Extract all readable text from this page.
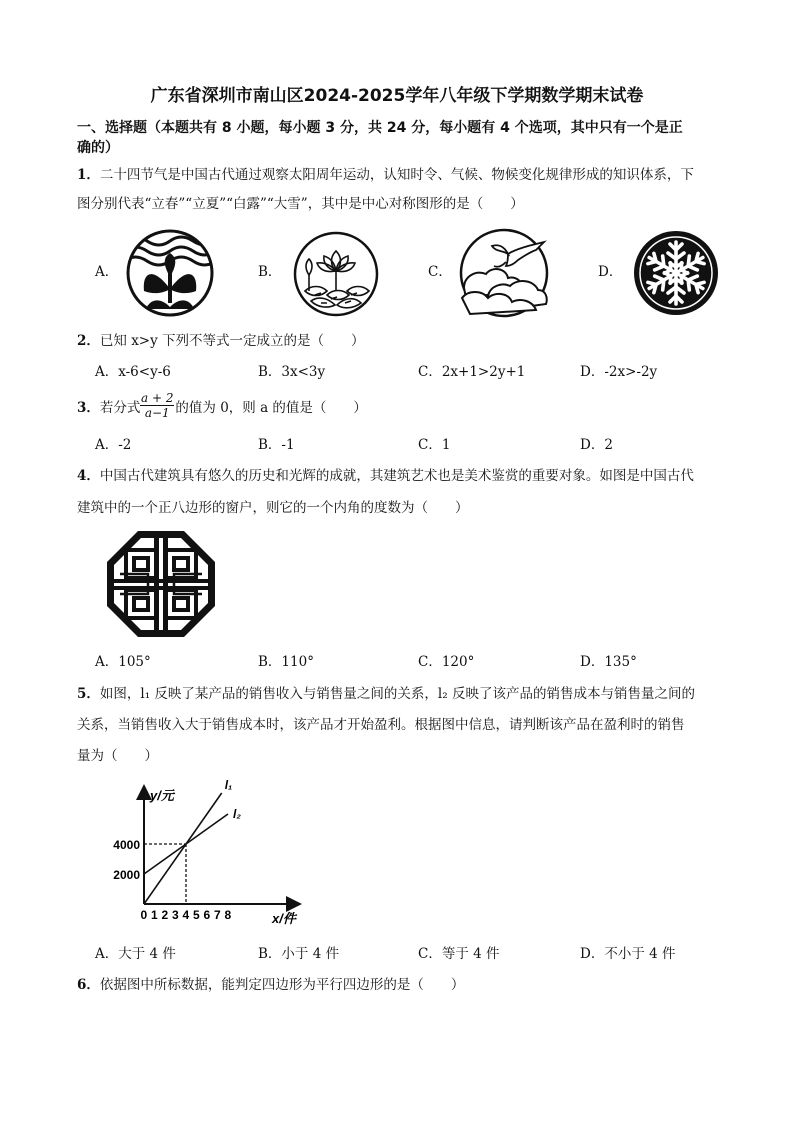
广东省深圳市南山区2024-2025学年八年级下学期数学期末试卷
一、选择题（本题共有 8 小题，每小题 3 分，共 24 分，每小题有 4 个选项，其中只有一个是正
确的）
1．二十四节气是中国古代通过观察太阳周年运动，认知时令、气候、物候变化规律形成的知识体系，下
图分别代表“立春”“立夏”“白露”“大雪”，其中是中心对称图形的是（　　）
A．	B．	C．	D．
2．已知 x>y 下列不等式一定成立的是（　　）
A．x-6<y-6	B．3x<3y	C．2x+1>2y+1	D．-2x>-2y
3．若分式	的值为 0，则 a 的值是（　　）
$\frac{a + 2}{a-1}$
A．-2	B．-1	C．1	D．2
4．中国古代建筑具有悠久的历史和光辉的成就，其建筑艺术也是美术鉴赏的重要对象。如图是中国古代
建筑中的一个正八边形的窗户，则它的一个内角的度数为（　　）
A．105°	B．110°	C．120°	D．135°
5．如图，l₁ 反映了某产品的销售收入与销售量之间的关系，l₂ 反映了该产品的销售成本与销售量之间的
关系，当销售收入大于销售成本时，该产品才开始盈利。根据图中信息，请判断该产品在盈利时的销售
量为（　　）
y/元
x/件
0 1 2 3 4 5 6 7 8
2000
4000
l₁
l₂
A．大于 4 件	B．小于 4 件	C．等于 4 件	D．不小于 4 件
6．依据图中所标数据，能判定四边形为平行四边形的是（　　）
